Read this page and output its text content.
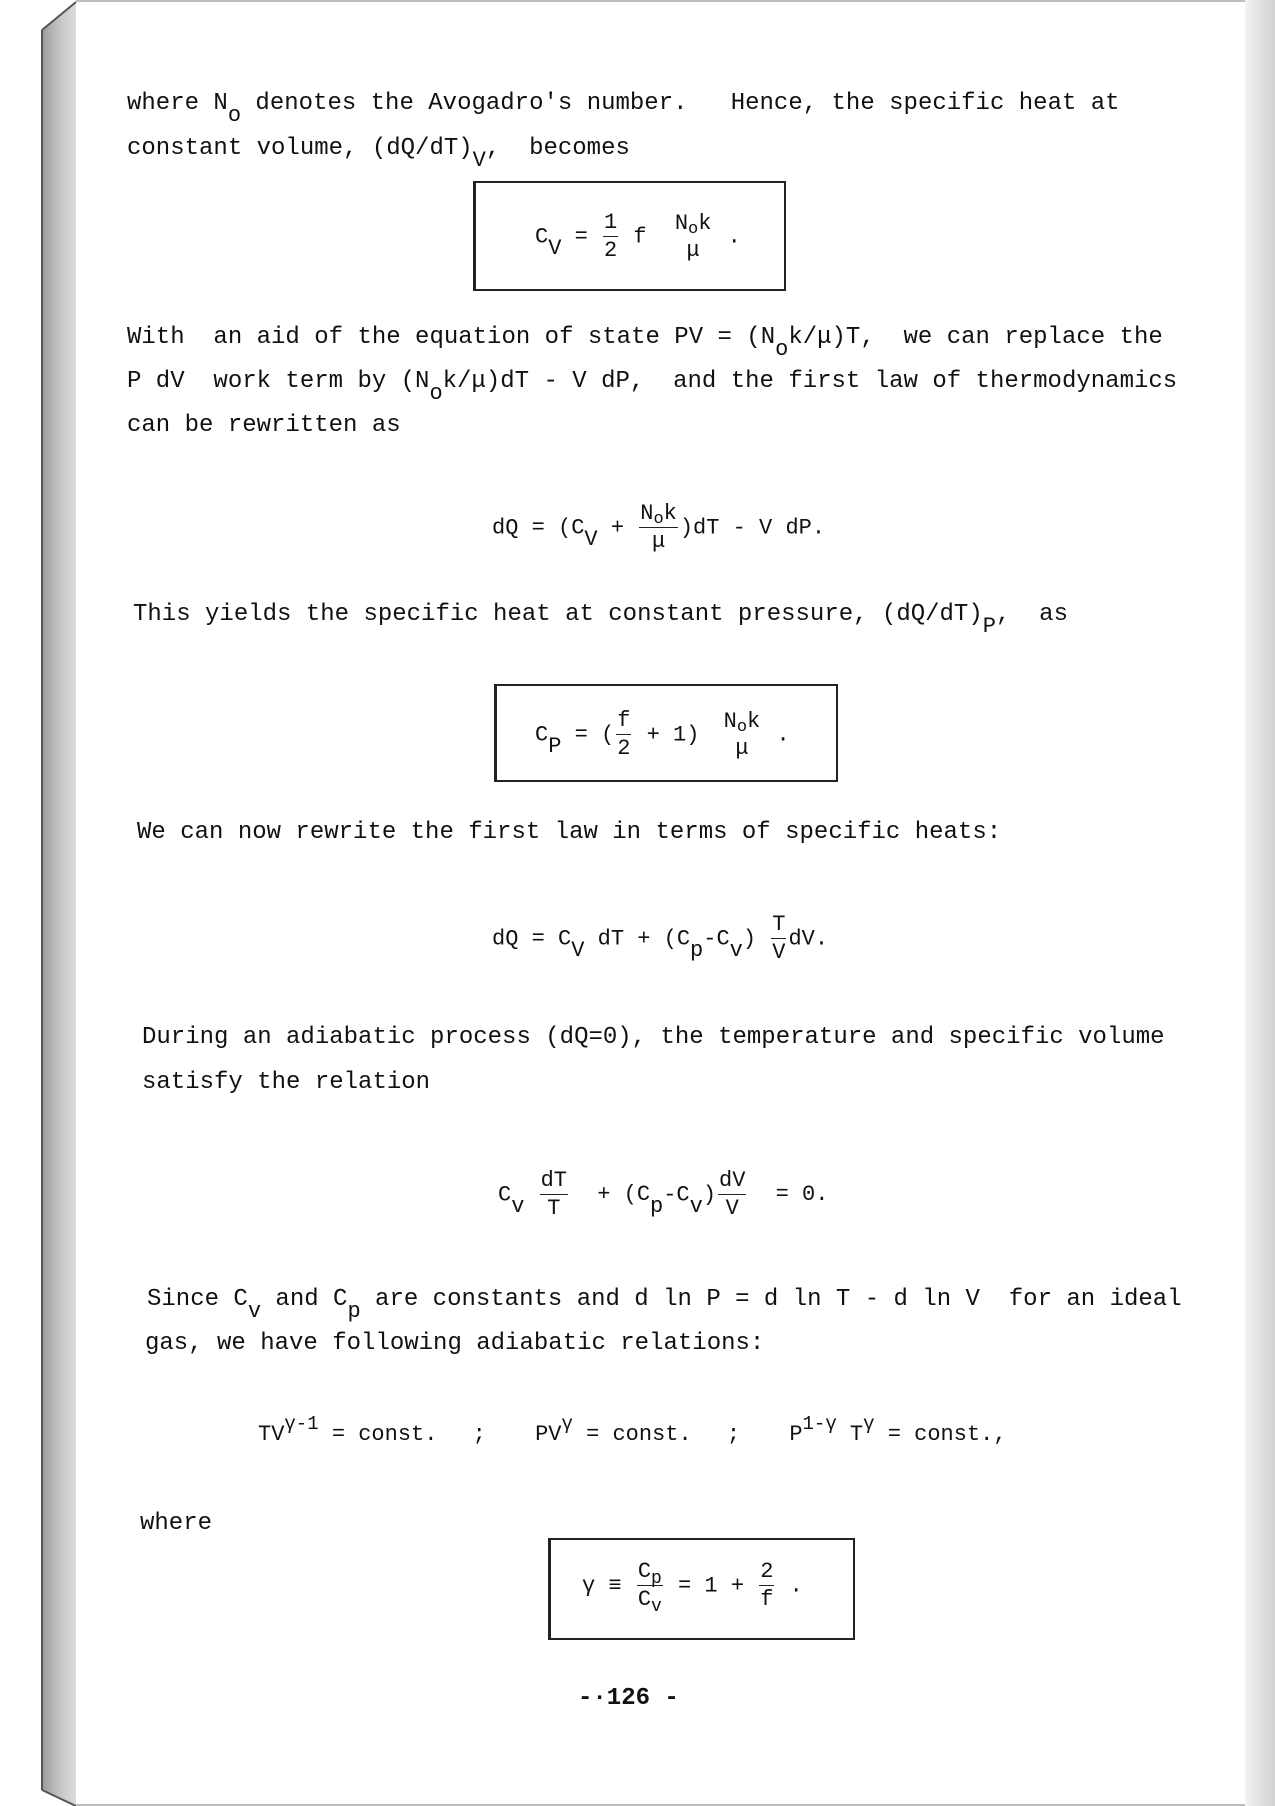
where No denotes the Avogadro's number.   Hence, the specific heat at
constant volume, (dQ/dT)V,  becomes
CV = $\frac{1}{2}$ f
Nok
μ
.
With  an aid of the equation of state PV = (Nok/μ)T,  we can replace the
P dV  work term by (Nok/μ)dT - V dP,  and the first law of thermodynamics
can be rewritten as
dQ = $(CV + \frac{\text{Nok}}{\mu} )dT - V$ dP.
This yields the specific heat at constant pressure, (dQ/dT)P,  as
CP = ( $\frac{f}{2} + 1$)
Nok
μ
.
We can now rewrite the first law in terms of specific heats:
dQ = CV dT + $(Cp-Cv) \frac{T}{V}$ dV.
During an adiabatic process (dQ=0), the temperature and specific volume
satisfy the relation
Cv $\frac{dT}{T} + (Cp-Cv) \frac{dV}{V} = 0$.
Since Cv and Cp are constants and d ln P = d ln T - d ln V  for an ideal
gas, we have following adiabatic relations:
TVγ-1 = const. ; PVγ = const. ; P1-γ Tγ = const.,
where
$\gamma \equiv \frac{C_p}{C_v} = 1 + \frac{2}{f}$ .
-·126 -
